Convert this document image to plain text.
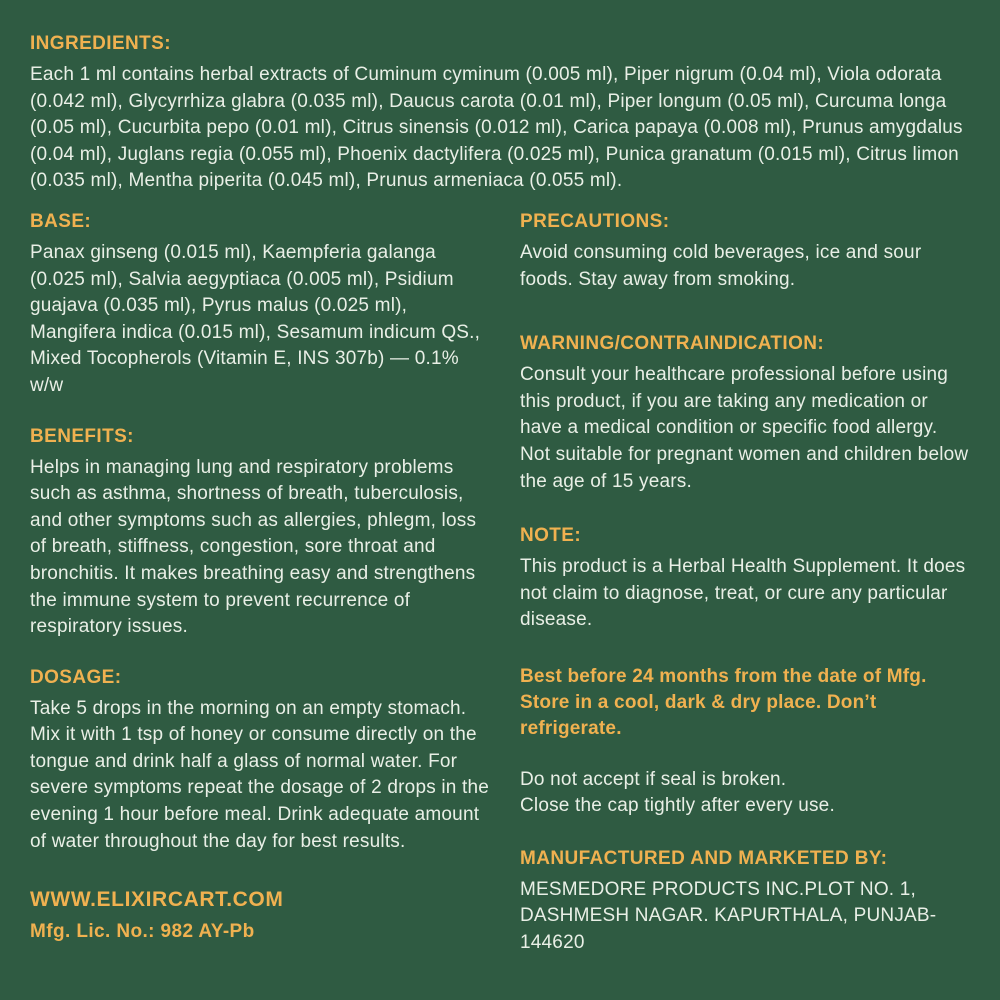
INGREDIENTS:

Each 1 ml contains herbal extracts of Cuminum cyminum (0.005 ml), Piper nigrum (0.04 ml), Viola odorata (0.042 ml), Glycyrrhiza glabra (0.035 ml), Daucus carota (0.01 ml), Piper longum (0.05 ml), Curcuma longa (0.05 ml), Cucurbita pepo (0.01 ml), Citrus sinensis (0.012 ml), Carica papaya (0.008 ml), Prunus amygdalus (0.04 ml), Juglans regia (0.055 ml), Phoenix dactylifera (0.025 ml), Punica granatum (0.015 ml), Citrus limon (0.035 ml), Mentha piperita (0.045 ml), Prunus armeniaca (0.055 ml).

BASE:

Panax ginseng (0.015 ml), Kaempferia galanga (0.025 ml), Salvia aegyptiaca (0.005 ml), Psidium guajava (0.035 ml), Pyrus malus (0.025 ml), Mangifera indica (0.015 ml), Sesamum indicum QS., Mixed Tocopherols (Vitamin E, INS 307b) — 0.1% w/w

BENEFITS:

Helps in managing lung and respiratory problems such as asthma, shortness of breath, tuberculosis, and other symptoms such as allergies, phlegm, loss of breath, stiffness, congestion, sore throat and bronchitis. It makes breathing easy and strengthens the immune system to prevent recurrence of respiratory issues.

DOSAGE:

Take 5 drops in the morning on an empty stomach. Mix it with 1 tsp of honey or consume directly on the tongue and drink half a glass of normal water. For severe symptoms repeat the dosage of 2 drops in the evening 1 hour before meal. Drink adequate amount of water throughout the day for best results.

WWW.ELIXIRCART.COM
Mfg. Lic. No.: 982 AY-Pb
PRECAUTIONS:

Avoid consuming cold beverages, ice and sour foods. Stay away from smoking.

WARNING/CONTRAINDICATION:

Consult your healthcare professional before using this product, if you are taking any medication or have a medical condition or specific food allergy. Not suitable for pregnant women and children below the age of 15 years.

NOTE:

This product is a Herbal Health Supplement. It does not claim to diagnose, treat, or cure any particular disease.

Best before 24 months from the date of Mfg. Store in a cool, dark & dry place. Don’t refrigerate.

Do not accept if seal is broken.
Close the cap tightly after every use.
MANUFACTURED AND MARKETED BY:

MESMEDORE PRODUCTS INC.PLOT NO. 1, DASHMESH NAGAR. KAPURTHALA, PUNJAB-144620
